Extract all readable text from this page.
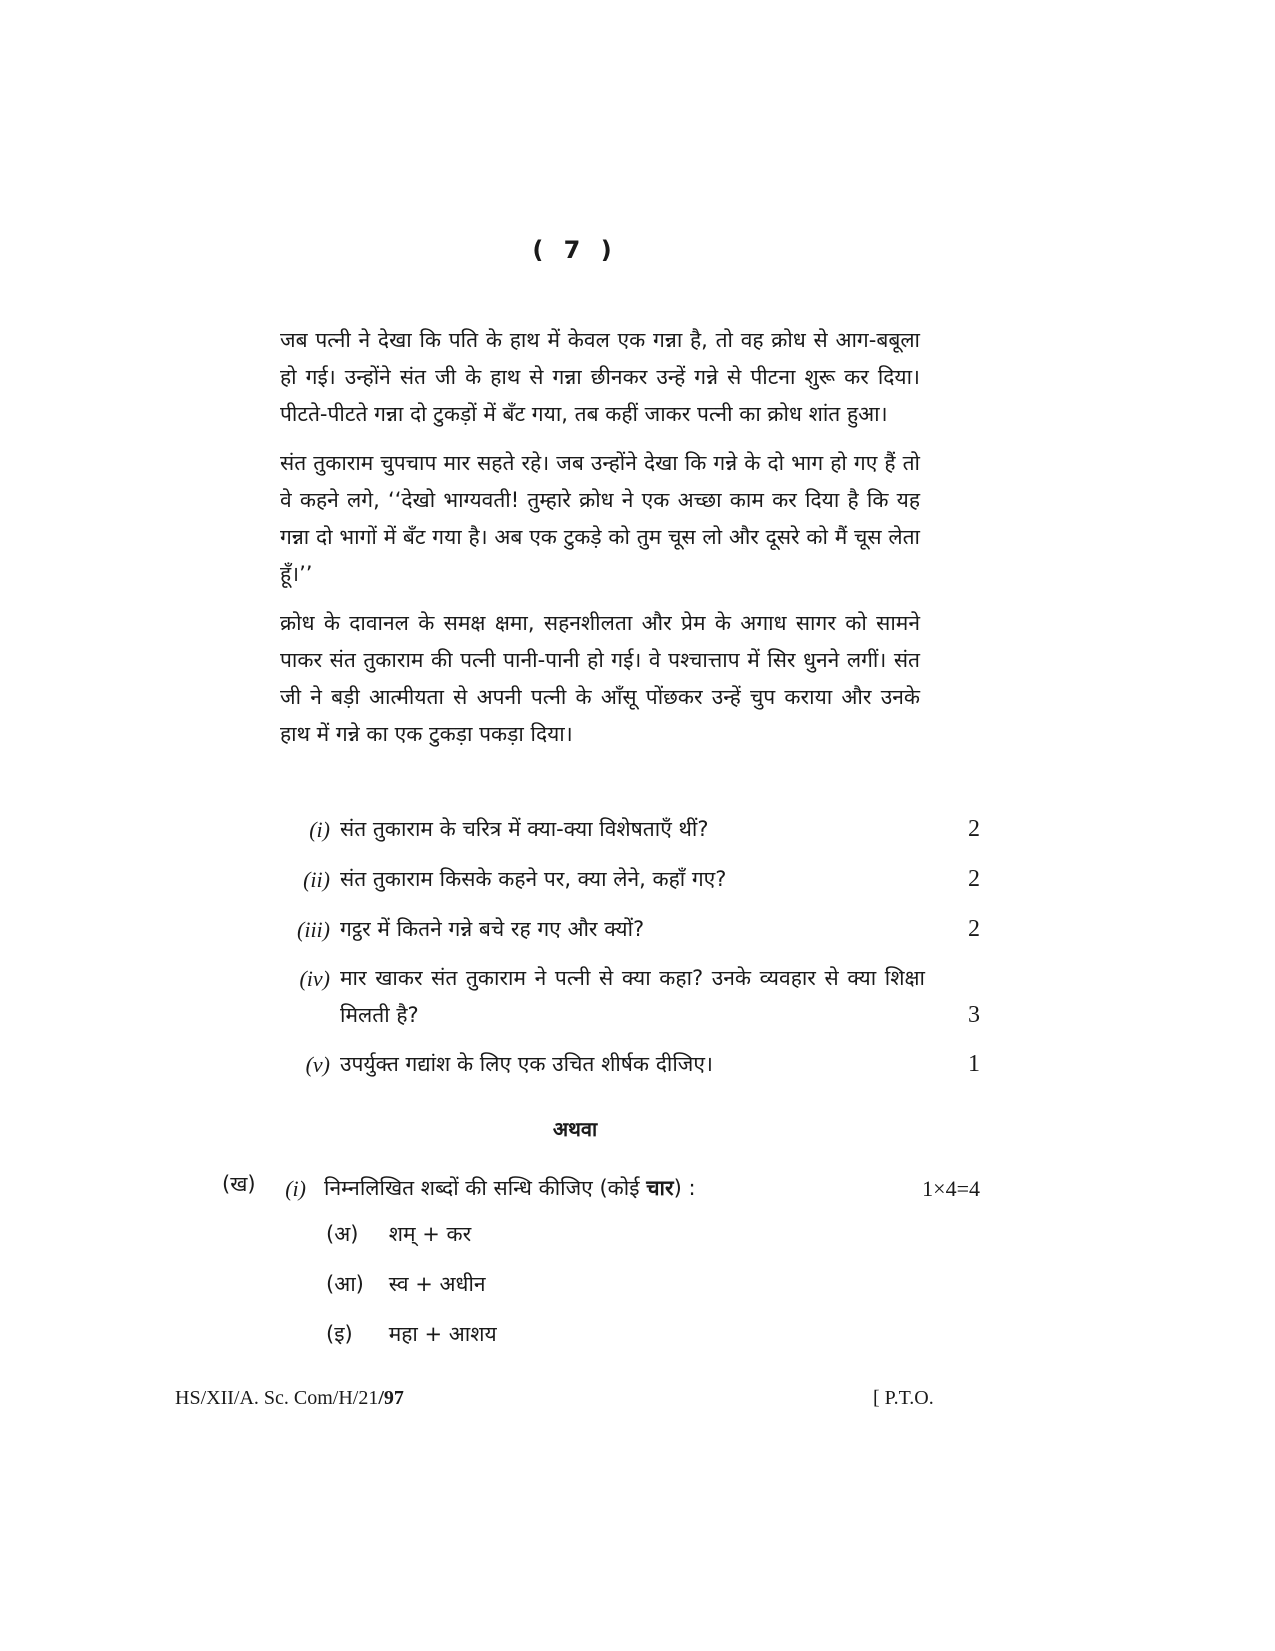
( 7 )

जब पत्नी ने देखा कि पति के हाथ में केवल एक गन्ना है, तो वह क्रोध से आग-बबूला हो गई। उन्होंने संत जी के हाथ से गन्ना छीनकर उन्हें गन्ने से पीटना शुरू कर दिया। पीटते-पीटते गन्ना दो टुकड़ों में बँट गया, तब कहीं जाकर पत्नी का क्रोध शांत हुआ।

संत तुकाराम चुपचाप मार सहते रहे। जब उन्होंने देखा कि गन्ने के दो भाग हो गए हैं तो वे कहने लगे, ‘‘देखो भाग्यवती! तुम्हारे क्रोध ने एक अच्छा काम कर दिया है कि यह गन्ना दो भागों में बँट गया है। अब एक टुकड़े को तुम चूस लो और दूसरे को मैं चूस लेता हूँ।’’

क्रोध के दावानल के समक्ष क्षमा, सहनशीलता और प्रेम के अगाध सागर को सामने पाकर संत तुकाराम की पत्नी पानी-पानी हो गई। वे पश्चात्ताप में सिर धुनने लगीं। संत जी ने बड़ी आत्मीयता से अपनी पत्नी के आँसू पोंछकर उन्हें चुप कराया और उनके हाथ में गन्ने का एक टुकड़ा पकड़ा दिया।

(i) संत तुकाराम के चरित्र में क्या-क्या विशेषताएँ थीं?	2
(ii) संत तुकाराम किसके कहने पर, क्या लेने, कहाँ गए?	2
(iii) गट्ठर में कितने गन्ने बचे रह गए और क्यों?	2
(iv) मार खाकर संत तुकाराम ने पत्नी से क्या कहा? उनके व्यवहार से क्या शिक्षा मिलती है?	3
(v) उपर्युक्त गद्यांश के लिए एक उचित शीर्षक दीजिए।	1
अथवा
(ख) (i) निम्नलिखित शब्दों की सन्धि कीजिए (कोई चार) :	1×4=4
(अ) शम् + कर
(आ) स्व + अधीन
(इ) महा + आशय
HS/XII/A. Sc. Com/H/21/97	[ P.T.O.
